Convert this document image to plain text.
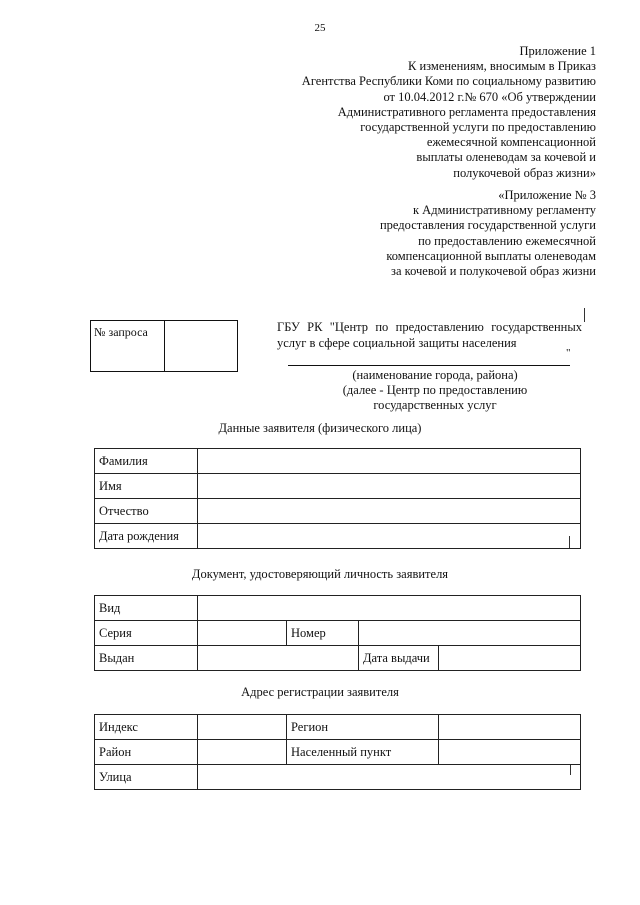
25
Приложение 1
К изменениям, вносимым в Приказ
Агентства Республики Коми по социальному развитию
от 10.04.2012 г.№ 670 «Об утверждении
Административного регламента предоставления
государственной услуги по предоставлению
ежемесячной компенсационной
выплаты оленеводам за кочевой и
полукочевой образ жизни»
«Приложение № 3
к Административному регламенту
предоставления государственной услуги
по предоставлению ежемесячной
компенсационной выплаты оленеводам
за кочевой и полукочевой образ жизни
№ запроса	ГБУ РК "Центр по предоставлению государственных услуг в сфере социальной защиты населения
"
(наименование города, района)
(далее - Центр по предоставлению
государственных услуг
Данные заявителя (физического лица)
Фамилия	
Имя	
Отчество	
Дата рождения	
Документ, удостоверяющий личность заявителя
Вид				
Серия		Номер		
Выдан			Дата выдачи	
Адрес регистрации заявителя
Индекс		Регион	
Район		Населенный пункт	
Улица			
